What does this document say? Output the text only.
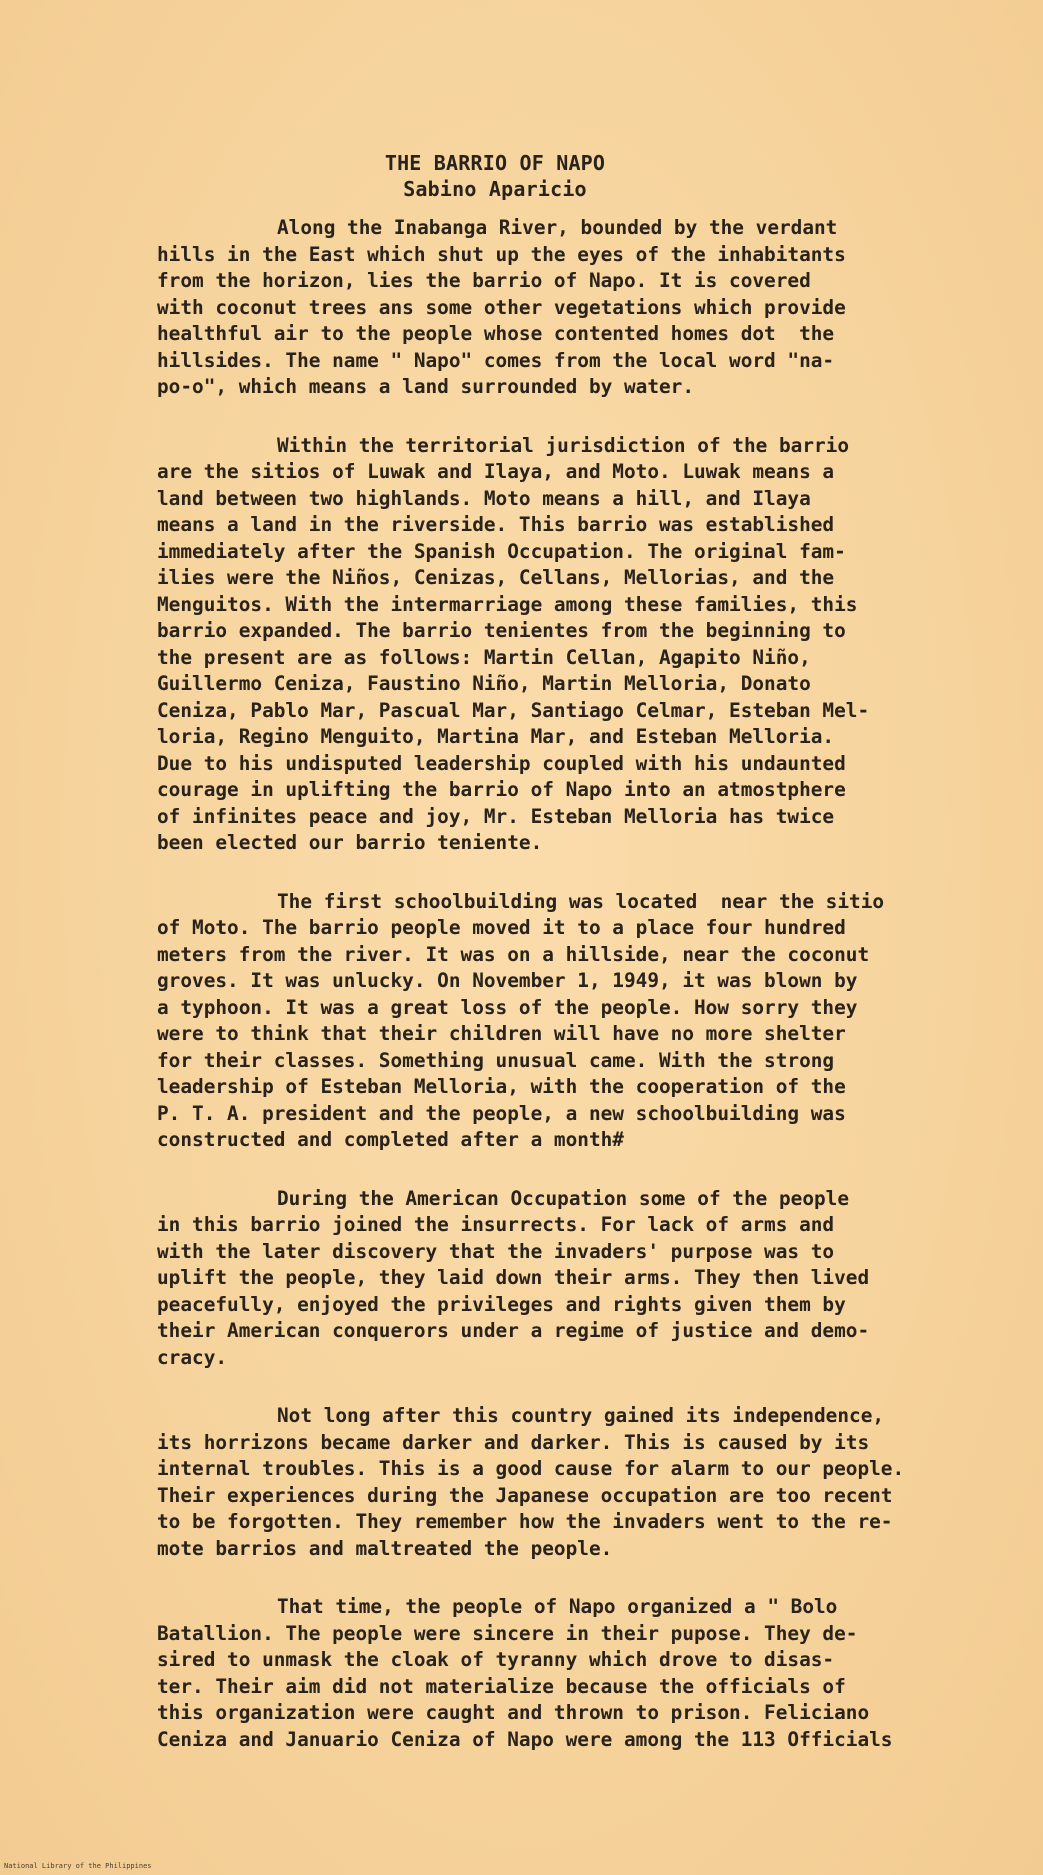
THE BARRIO OF NAPO
Sabino Aparicio
Along the Inabanga River, bounded by the verdant
hills in the East which shut up the eyes of the inhabitants
from the horizon, lies the barrio of Napo. It is covered
with coconut trees ans some other vegetations which provide
healthful air to the people whose contented homes dot  the
hillsides. The name " Napo" comes from the local word "na-
po-o", which means a land surrounded by water.
Within the territorial jurisdiction of the barrio
are the sitios of Luwak and Ilaya, and Moto. Luwak means a
land between two highlands. Moto means a hill, and Ilaya
means a land in the riverside. This barrio was established
immediately after the Spanish Occupation. The original fam-
ilies were the Niños, Cenizas, Cellans, Mellorias, and the
Menguitos. With the intermarriage among these families, this
barrio expanded. The barrio tenientes from the beginning to
the present are as follows: Martin Cellan, Agapito Niño,
Guillermo Ceniza, Faustino Niño, Martin Melloria, Donato
Ceniza, Pablo Mar, Pascual Mar, Santiago Celmar, Esteban Mel-
loria, Regino Menguito, Martina Mar, and Esteban Melloria.
Due to his undisputed leadership coupled with his undaunted
courage in uplifting the barrio of Napo into an atmostphere
of infinites peace and joy, Mr. Esteban Melloria has twice
been elected our barrio teniente.
The first schoolbuilding was located  near the sitio
of Moto. The barrio people moved it to a place four hundred
meters from the river. It was on a hillside, near the coconut
groves. It was unlucky. On November 1, 1949, it was blown by
a typhoon. It was a great loss of the people. How sorry they
were to think that their children will have no more shelter
for their classes. Something unusual came. With the strong
leadership of Esteban Melloria, with the cooperation of the
P. T. A. president and the people, a new schoolbuilding was
constructed and completed after a month#
During the American Occupation some of the people
in this barrio joined the insurrects. For lack of arms and
with the later discovery that the invaders' purpose was to
uplift the people, they laid down their arms. They then lived
peacefully, enjoyed the privileges and rights given them by
their American conquerors under a regime of justice and demo-
cracy.
Not long after this country gained its independence,
its horrizons became darker and darker. This is caused by its
internal troubles. This is a good cause for alarm to our people.
Their experiences during the Japanese occupation are too recent
to be forgotten. They remember how the invaders went to the re-
mote barrios and maltreated the people.
That time, the people of Napo organized a " Bolo
Batallion. The people were sincere in their pupose. They de-
sired to unmask the cloak of tyranny which drove to disas-
ter. Their aim did not materialize because the officials of
this organization were caught and thrown to prison. Feliciano
Ceniza and Januario Ceniza of Napo were among the 113 Officials
National Library of the Philippines
